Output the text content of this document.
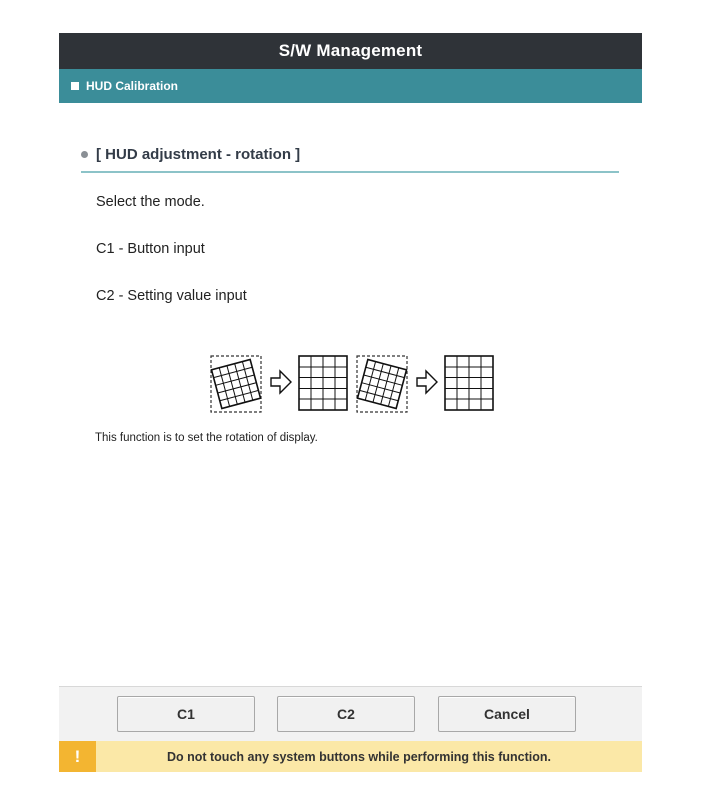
S/W Management
HUD Calibration
[ HUD adjustment - rotation ]
Select the mode.
C1 - Button input
C2 - Setting value input
This function is to set the rotation of display.
C1	C2	Cancel
!	Do not touch any system buttons while performing this function.
